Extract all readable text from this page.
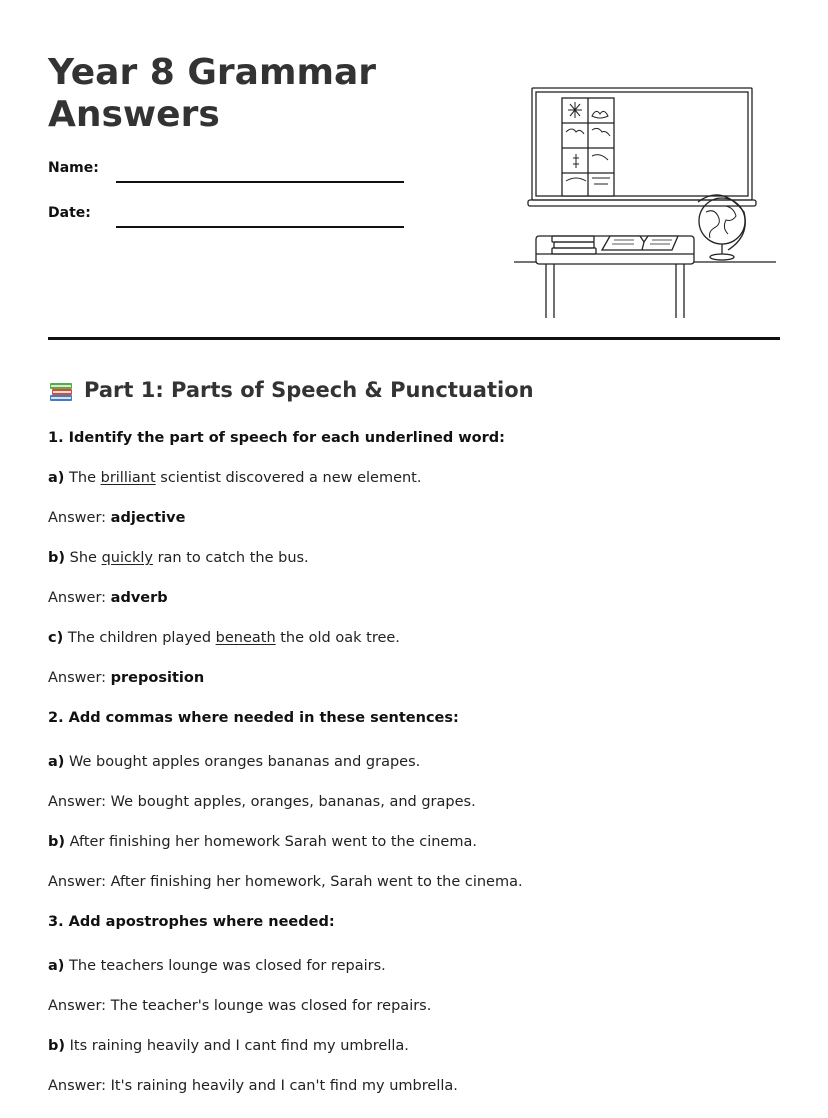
Year 8 Grammar
Answers
Name:
Date:
Part 1: Parts of Speech & Punctuation
1. Identify the part of speech for each underlined word:
a) The brilliant scientist discovered a new element.
Answer: adjective
b) She quickly ran to catch the bus.
Answer: adverb
c) The children played beneath the old oak tree.
Answer: preposition
2. Add commas where needed in these sentences:
a) We bought apples oranges bananas and grapes.
Answer: We bought apples, oranges, bananas, and grapes.
b) After finishing her homework Sarah went to the cinema.
Answer: After finishing her homework, Sarah went to the cinema.
3. Add apostrophes where needed:
a) The teachers lounge was closed for repairs.
Answer: The teacher's lounge was closed for repairs.
b) Its raining heavily and I cant find my umbrella.
Answer: It's raining heavily and I can't find my umbrella.
